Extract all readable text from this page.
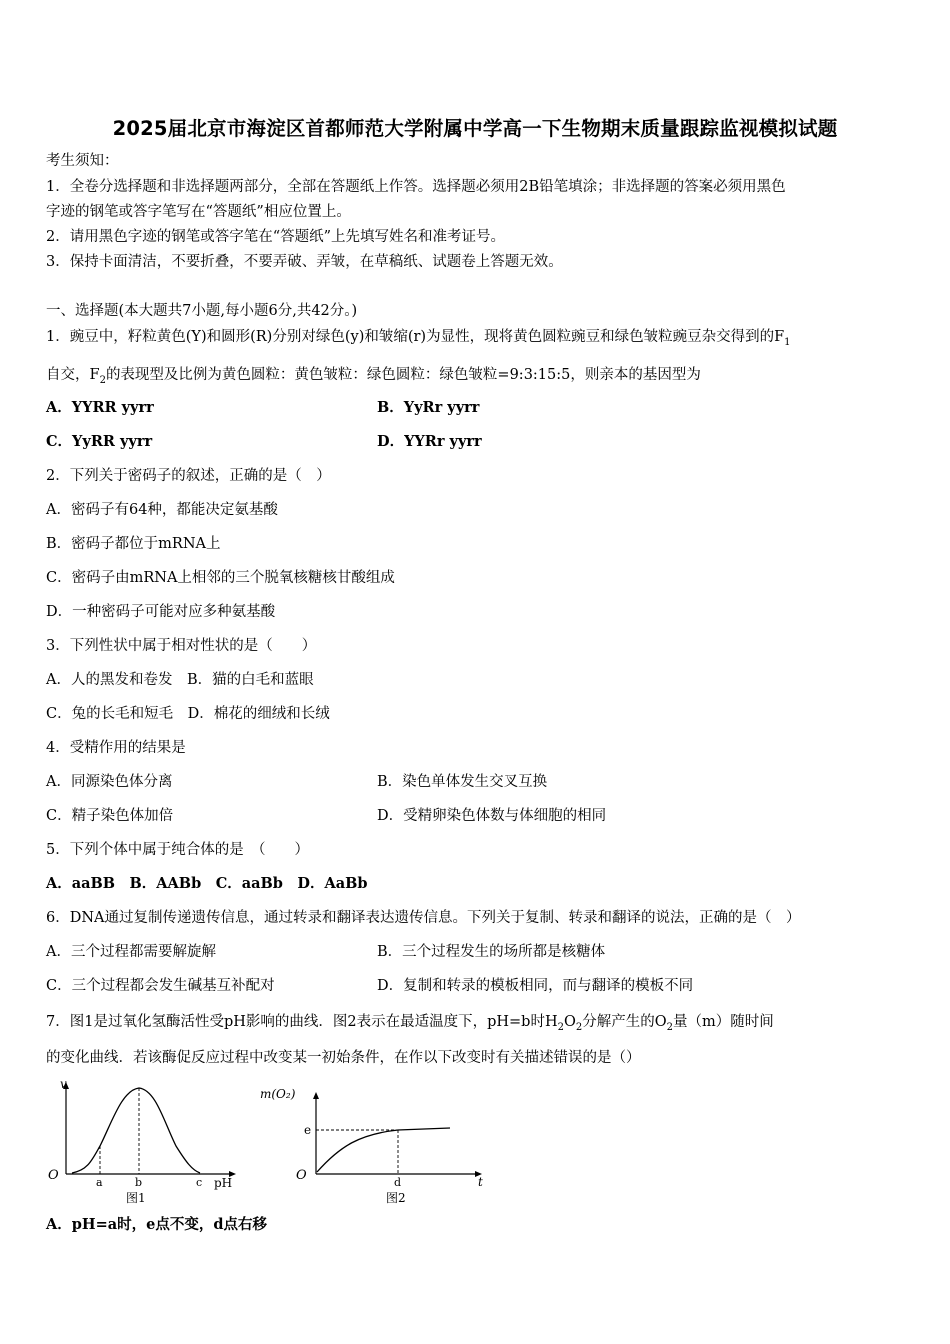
2025届北京市海淀区首都师范大学附属中学高一下生物期末质量跟踪监视模拟试题
考生须知：
1．全卷分选择题和非选择题两部分，全部在答题纸上作答。选择题必须用2B铅笔填涂；非选择题的答案必须用黑色
字迹的钢笔或答字笔写在“答题纸”相应位置上。
2．请用黑色字迹的钢笔或答字笔在“答题纸”上先填写姓名和准考证号。
3．保持卡面清洁，不要折叠，不要弄破、弄皱，在草稿纸、试题卷上答题无效。
一、选择题(本大题共7小题,每小题6分,共42分。)
1．豌豆中，籽粒黄色(Y)和圆形(R)分别对绿色(y)和皱缩(r)为显性，现将黄色圆粒豌豆和绿色皱粒豌豆杂交得到的$F_1$
自交，$F_2$的表现型及比例为黄色圆粒：黄色皱粒：绿色圆粒：绿色皱粒=9:3:15:5，则亲本的基因型为
A．YYRR yyrr	B．YyRr yyrr
C．YyRR yyrr	D．YYRr yyrr
2．下列关于密码子的叙述，正确的是（　）
A．密码子有64种，都能决定氨基酸
B．密码子都位于mRNA上
C．密码子由mRNA上相邻的三个脱氧核糖核甘酸组成
D．一种密码子可能对应多种氨基酸
3．下列性状中属于相对性状的是（　　）
A．人的黑发和卷发　B．猫的白毛和蓝眼
C．兔的长毛和短毛　D．棉花的细绒和长绒
4．受精作用的结果是
A．同源染色体分离	B．染色单体发生交叉互换
C．精子染色体加倍	D．受精卵染色体数与体细胞的相同
5．下列个体中属于纯合体的是　（　　）
A．aaBB　B．AABb　C．aaBb　D．AaBb
6．DNA通过复制传递遗传信息，通过转录和翻译表达遗传信息。下列关于复制、转录和翻译的说法，正确的是（　）
A．三个过程都需要解旋解	B．三个过程发生的场所都是核糖体
C．三个过程都会发生碱基互补配对	D．复制和转录的模板相同，而与翻译的模板不同
7．图1是过氧化氢酶活性受pH影响的曲线．图2表示在最适温度下，pH=b时$H_2O_2$分解产生的$O_2$量（m）随时间
的变化曲线．若该酶促反应过程中改变某一初始条件，在作以下改变时有关描述错误的是（）
v
O	a	b	c pH
图1
m(O₂)
e
O	d	t
图2
A．pH=a时，e点不变，d点右移
